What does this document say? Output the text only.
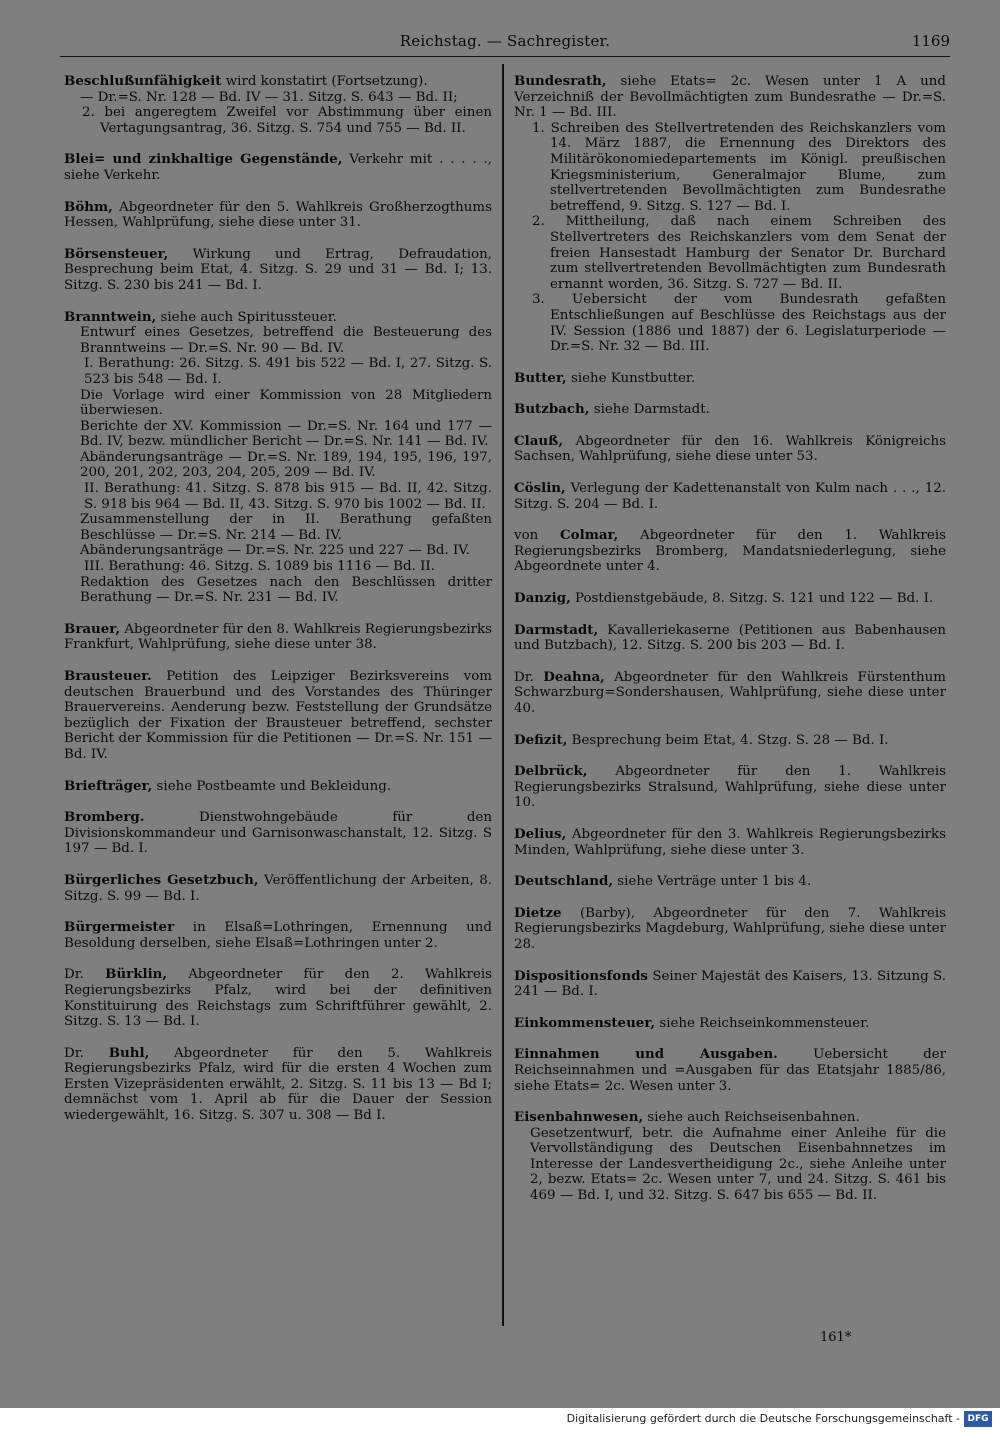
Reichstag. — Sachregister.	1169
Beschlußunfähigkeit wird konstatirt (Fortsetzung).
— Dr.=S. Nr. 128 — Bd. IV — 31. Sitzg. S. 643 — Bd. II;
2. bei angeregtem Zweifel vor Abstimmung über einen Vertagungsantrag, 36. Sitzg. S. 754 und 755 — Bd. II.
Blei= und zinkhaltige Gegenstände, Verkehr mit . . . . ., siehe Verkehr.
Böhm, Abgeordneter für den 5. Wahlkreis Großherzogthums Hessen, Wahlprüfung, siehe diese unter 31.
Börsensteuer, Wirkung und Ertrag, Defraudation, Besprechung beim Etat, 4. Sitzg. S. 29 und 31 — Bd. I; 13. Sitzg. S. 230 bis 241 — Bd. I.
Branntwein, siehe auch Spiritussteuer.
Entwurf eines Gesetzes, betreffend die Besteuerung des Branntweins — Dr.=S. Nr. 90 — Bd. IV.
I. Berathung: 26. Sitzg. S. 491 bis 522 — Bd. I, 27. Sitzg. S. 523 bis 548 — Bd. I.
Die Vorlage wird einer Kommission von 28 Mitgliedern überwiesen.
Berichte der XV. Kommission — Dr.=S. Nr. 164 und 177 — Bd. IV, bezw. mündlicher Bericht — Dr.=S. Nr. 141 — Bd. IV.
Abänderungsanträge — Dr.=S. Nr. 189, 194, 195, 196, 197, 200, 201, 202, 203, 204, 205, 209 — Bd. IV.
II. Berathung: 41. Sitzg. S. 878 bis 915 — Bd. II, 42. Sitzg. S. 918 bis 964 — Bd. II, 43. Sitzg. S. 970 bis 1002 — Bd. II.
Zusammenstellung der in II. Berathung gefaßten Beschlüsse — Dr.=S. Nr. 214 — Bd. IV.
Abänderungsanträge — Dr.=S. Nr. 225 und 227 — Bd. IV.
III. Berathung: 46. Sitzg. S. 1089 bis 1116 — Bd. II.
Redaktion des Gesetzes nach den Beschlüssen dritter Berathung — Dr.=S. Nr. 231 — Bd. IV.
Brauer, Abgeordneter für den 8. Wahlkreis Regierungsbezirks Frankfurt, Wahlprüfung, siehe diese unter 38.
Brausteuer. Petition des Leipziger Bezirksvereins vom deutschen Brauerbund und des Vorstandes des Thüringer Brauervereins. Aenderung bezw. Feststellung der Grundsätze bezüglich der Fixation der Brausteuer betreffend, sechster Bericht der Kommission für die Petitionen — Dr.=S. Nr. 151 — Bd. IV.
Briefträger, siehe Postbeamte und Bekleidung.
Bromberg.	Dienstwohngebäude für den Divisionskommandeur und Garnisonwaschanstalt, 12. Sitzg. S 197 — Bd. I.
Bürgerliches Gesetzbuch, Veröffentlichung der Arbeiten, 8. Sitzg. S. 99 — Bd. I.
Bürgermeister in Elsaß=Lothringen, Ernennung und Besoldung derselben, siehe Elsaß=Lothringen unter 2.
Dr. Bürklin, Abgeordneter für den 2. Wahlkreis Regierungsbezirks Pfalz, wird bei der definitiven Konstituirung des Reichstags zum Schriftführer gewählt, 2. Sitzg. S. 13 — Bd. I.
Dr. Buhl, Abgeordneter für den 5. Wahlkreis Regierungsbezirks Pfalz, wird für die ersten 4 Wochen zum Ersten Vizepräsidenten erwählt, 2. Sitzg. S. 11 bis 13 — Bd I; demnächst vom 1. April ab für die Dauer der Session wiedergewählt, 16. Sitzg. S. 307 u. 308 — Bd I.
Bundesrath, siehe Etats= 2c. Wesen unter 1 A und Verzeichniß der Bevollmächtigten zum Bundesrathe — Dr.=S. Nr. 1 — Bd. III.
1. Schreiben des Stellvertretenden des Reichskanzlers vom 14. März 1887, die Ernennung des Direktors des Militärökonomiedepartements im Königl. preußischen Kriegsministerium, Generalmajor Blume, zum stellvertretenden Bevollmächtigten zum Bundesrathe betreffend, 9. Sitzg. S. 127 — Bd. I.
2. Mittheilung, daß nach einem Schreiben des Stellvertreters des Reichskanzlers vom dem Senat der freien Hansestadt Hamburg der Senator Dr. Burchard zum stellvertretenden Bevollmächtigten zum Bundesrath ernannt worden, 36. Sitzg. S. 727 — Bd. II.
3. Uebersicht der vom Bundesrath gefaßten Entschließungen auf Beschlüsse des Reichstags aus der IV. Session (1886 und 1887) der 6. Legislaturperiode — Dr.=S. Nr. 32 — Bd. III.
Butter, siehe Kunstbutter.
Butzbach, siehe Darmstadt.
Clauß, Abgeordneter für den 16. Wahlkreis Königreichs Sachsen, Wahlprüfung, siehe diese unter 53.
Cöslin, Verlegung der Kadettenanstalt von Kulm nach . . ., 12. Sitzg. S. 204 — Bd. I.
von Colmar, Abgeordneter für den 1. Wahlkreis Regierungsbezirks Bromberg, Mandatsniederlegung, siehe Abgeordnete unter 4.
Danzig, Postdienstgebäude, 8. Sitzg. S. 121 und 122 — Bd. I.
Darmstadt, Kavalleriekaserne (Petitionen aus Babenhausen und Butzbach), 12. Sitzg. S. 200 bis 203 — Bd. I.
Dr. Deahna, Abgeordneter für den Wahlkreis Fürstenthum Schwarzburg=Sondershausen, Wahlprüfung, siehe diese unter 40.
Defizit, Besprechung beim Etat, 4. Stzg. S. 28 — Bd. I.
Delbrück, Abgeordneter für den 1. Wahlkreis Regierungsbezirks Stralsund, Wahlprüfung, siehe diese unter 10.
Delius, Abgeordneter für den 3. Wahlkreis Regierungsbezirks Minden, Wahlprüfung, siehe diese unter 3.
Deutschland, siehe Verträge unter 1 bis 4.
Dietze (Barby), Abgeordneter für den 7. Wahlkreis Regierungsbezirks Magdeburg, Wahlprüfung, siehe diese unter 28.
Dispositionsfonds Seiner Majestät des Kaisers, 13. Sitzung S. 241 — Bd. I.
Einkommensteuer, siehe Reichseinkommensteuer.
Einnahmen und Ausgaben.	Uebersicht der Reichseinnahmen und =Ausgaben für das Etatsjahr 1885/86, siehe Etats= 2c. Wesen unter 3.
Eisenbahnwesen, siehe auch Reichseisenbahnen.
Gesetzentwurf, betr. die Aufnahme einer Anleihe für die Vervollständigung des Deutschen Eisenbahnnetzes im Interesse der Landesvertheidigung 2c., siehe Anleihe unter 2, bezw. Etats= 2c. Wesen unter 7, und 24. Sitzg. S. 461 bis 469 — Bd. I, und 32. Sitzg. S. 647 bis 655 — Bd. II.
161*
Digitalisierung gefördert durch die Deutsche Forschungsgemeinschaft - DFG
